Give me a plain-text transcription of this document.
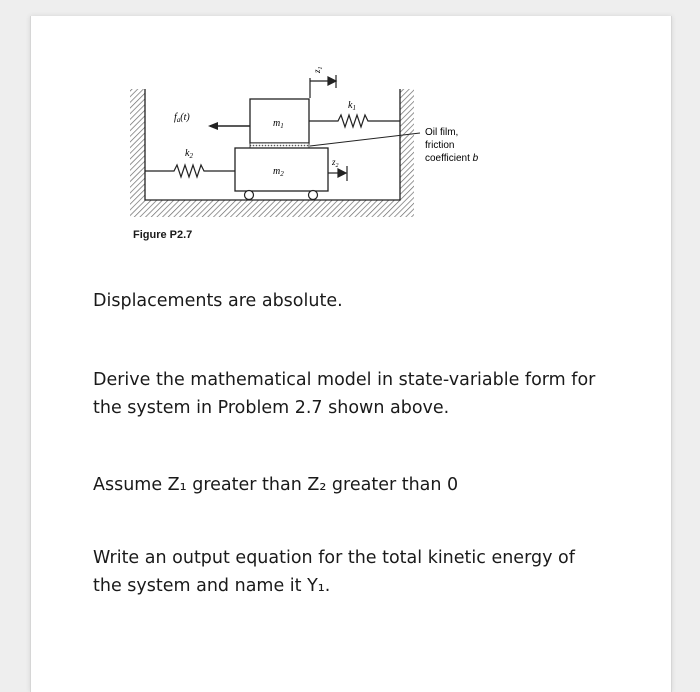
$f_a(t)$
$m_1$
$m_2$
$k_1$
$k_2$
$z_1$
$z_2$
Oil film,
friction
coefficient b
Figure P2.7
Displacements are absolute.
Derive the mathematical model in state-variable form for
the system in Problem 2.7 shown above.
Assume Z₁ greater than Z₂ greater than 0
Write an output equation for the total kinetic energy of
the system and name it Y₁.
